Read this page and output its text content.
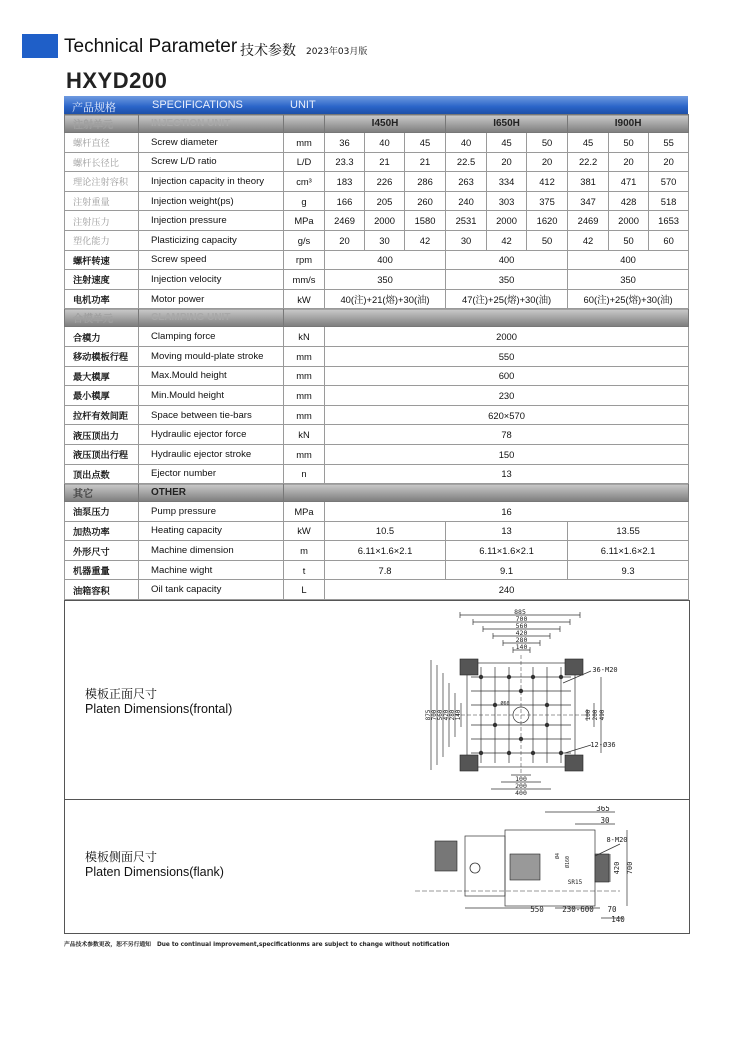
Technical Parameter 技术参数 2023年03月版
HXYD200
产品规格	SPECIFICATIONS	UNIT
注射单元	INJECTION UNIT		I450H			I650H			I900H		
螺杆直径	Screw diameter	mm	36	40	45	40	45	50	45	50	55
螺杆长径比	Screw L/D ratio	L/D	23.3	21	21	22.5	20	20	22.2	20	20
理论注射容积	Injection capacity in theory	cm³	183	226	286	263	334	412	381	471	570
注射重量	Injection weight(ps)	g	166	205	260	240	303	375	347	428	518
注射压力	Injection pressure	MPa	2469	2000	1580	2531	2000	1620	2469	2000	1653
塑化能力	Plasticizing capacity	g/s	20	30	42	30	42	50	42	50	60
螺杆转速	Screw speed	rpm	400			400			400		
注射速度	Injection velocity	mm/s	350			350			350		
电机功率	Motor power	kW	40(注)+21(熔)+30(油)			47(注)+25(熔)+30(油)			60(注)+25(熔)+30(油)		
合模单元	CLAMPING UNIT										
合模力	Clamping force	kN	2000								
移动模板行程	Moving mould-plate stroke	mm	550								
最大模厚	Max.Mould height	mm	600								
最小模厚	Min.Mould height	mm	230								
拉杆有效间距	Space between tie-bars	mm	620×570								
液压顶出力	Hydraulic ejector force	kN	78								
液压顶出行程	Hydraulic ejector stroke	mm	150								
顶出点数	Ejector number	n	13								
其它	OTHER										
油泵压力	Pump pressure	MPa	16								
加热功率	Heating capacity	kW	10.5			13			13.55		
外形尺寸	Machine dimension	m	6.11×1.6×2.1			6.11×1.6×2.1			6.11×1.6×2.1		
机器重量	Machine wight	t	7.8			9.1			9.3		
油箱容积	Oil tank capacity	L	240								
模板正面尺寸
Platen Dimensions(frontal)
885
700
560
420
280
140
875 700 560 420 280 140	100 200 490
100
200
400
36-M20
12-Ø36
Ø60
模板侧面尺寸
Platen Dimensions(flank)
365
30
420 700
550 230-600 70
140
8-M20
SR15
Ø4 Ø160
产品技术参数更改，恕不另行通知 Due to continual improvement,specificationms are subject to change without notification
